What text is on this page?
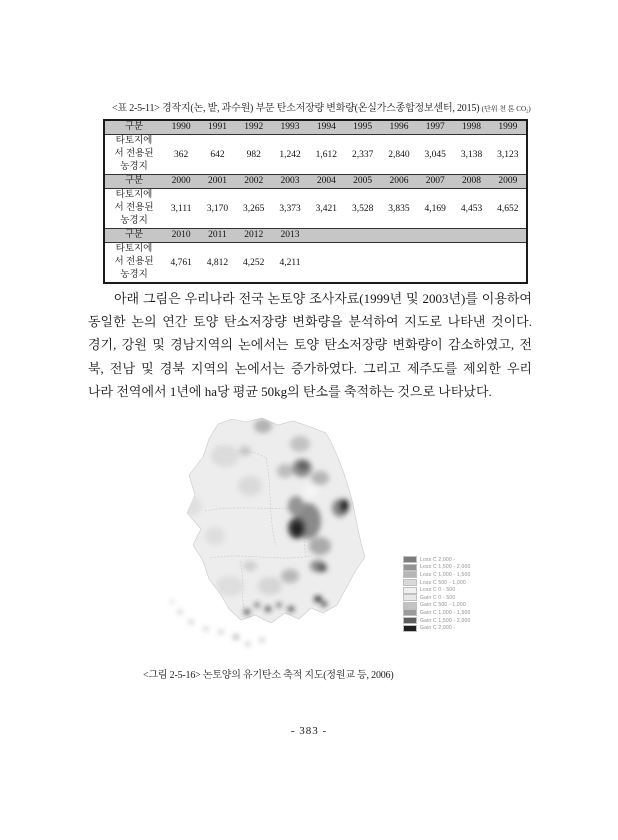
<표 2-5-11> 경작지(논, 밭, 과수원) 부문 탄소저장량 변화량(온실가스종합정보센터, 2015) (단위 천 톤 CO₂)
구분	1990	1991	1992	1993	1994	1995	1996	1997	1998	1999
타토지에
서 전용된
농경지
362	642	982	1,242	1,612	2,337	2,840	3,045	3,138	3,123
구분	2000	2001	2002	2003	2004	2005	2006	2007	2008	2009
타토지에
서 전용된
농경지
3,111	3,170	3,265	3,373	3,421	3,528	3,835	4,169	4,453	4,652
구분	2010	2011	2012	2013
타토지에
서 전용된
농경지
4,761	4,812	4,252	4,211
아래 그림은 우리나라 전국 논토양 조사자료(1999년 및 2003년)를 이용하여
동일한 논의 연간 토양 탄소저장량 변화량을 분석하여 지도로 나타낸 것이다.
경기, 강원 및 경남지역의 논에서는 토양 탄소저장량 변화량이 감소하였고, 전
북, 전남 및 경북 지역의 논에서는 증가하였다. 그리고 제주도를 제외한 우리
나라 전역에서 1년에 ha당 평균 50kg의 탄소를 축적하는 것으로 나타났다.
Loss C 2,000 -
Loss C 1,500 - 2,000
Loss C 1,000 - 1,500
Loss C 500 - 1,000
Loss C 0 - 500
Gain C 0 - 500
Gain C 500 - 1,000
Gain C 1,000 - 1,500
Gain C 1,500 - 2,000
Gain C 2,000 -
<그림 2-5-16> 논토양의 유기탄소 축적 지도(정원교 등, 2006)
- 383 -
